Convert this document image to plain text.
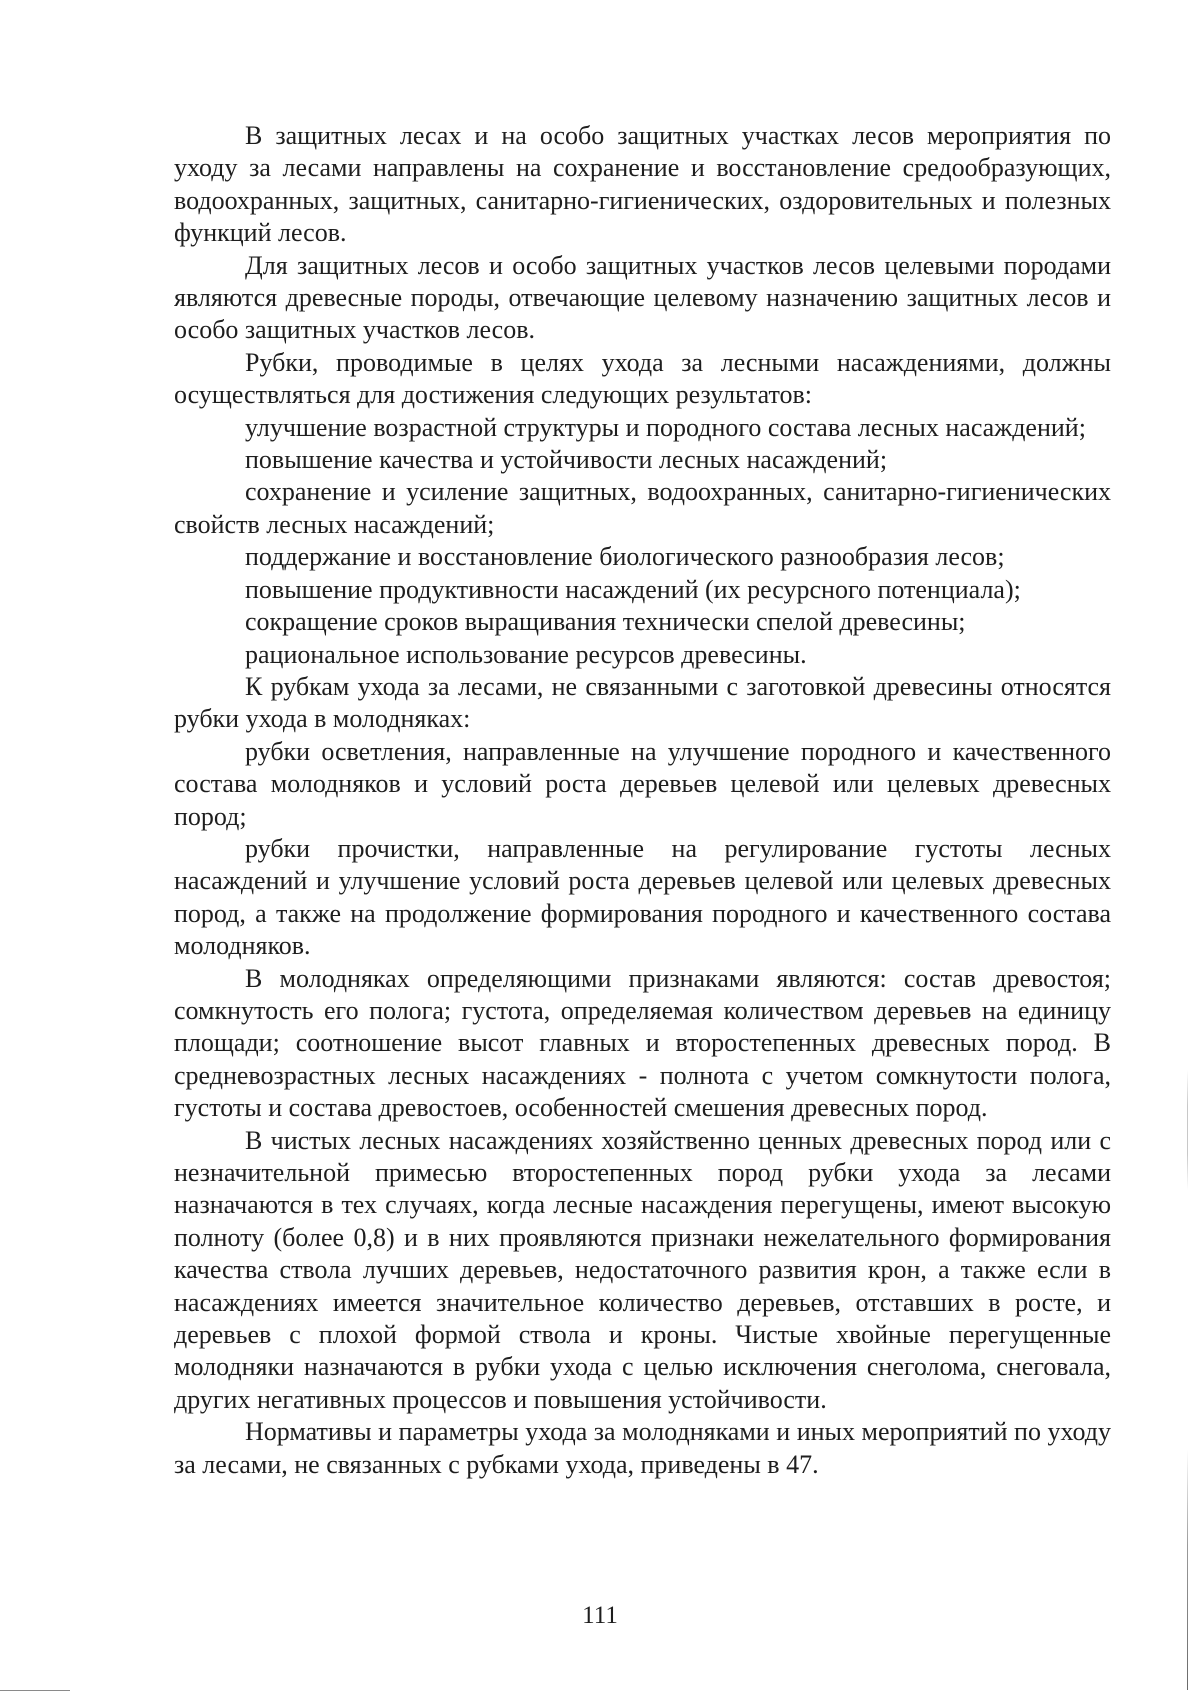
В защитных лесах и на особо защитных участках лесов мероприятия по уходу за лесами направлены на сохранение и восстановление средообразующих, водоохранных, защитных, санитарно-гигиенических, оздоровительных и полезных функций лесов.

Для защитных лесов и особо защитных участков лесов целевыми породами являются древесные породы, отвечающие целевому назначению защитных лесов и особо защитных участков лесов.

Рубки, проводимые в целях ухода за лесными насаждениями, должны осуществляться для достижения следующих результатов:

улучшение возрастной структуры и породного состава лесных насаждений;

повышение качества и устойчивости лесных насаждений;

сохранение и усиление защитных, водоохранных, санитарно-гигиенических свойств лесных насаждений;

поддержание и восстановление биологического разнообразия лесов;

повышение продуктивности насаждений (их ресурсного потенциала);

сокращение сроков выращивания технически спелой древесины;

рациональное использование ресурсов древесины.

К рубкам ухода за лесами, не связанными с заготовкой древесины относятся рубки ухода в молодняках:

рубки осветления, направленные на улучшение породного и качественного состава молодняков и условий роста деревьев целевой или целевых древесных пород;

рубки прочистки, направленные на регулирование густоты лесных насаждений и улучшение условий роста деревьев целевой или целевых древесных пород, а также на продолжение формирования породного и качественного состава молодняков.

В молодняках определяющими признаками являются: состав древостоя; сомкнутость его полога; густота, определяемая количеством деревьев на единицу площади; соотношение высот главных и второстепенных древесных пород. В средневозрастных лесных насаждениях - полнота с учетом сомкнутости полога, густоты и состава древостоев, особенностей смешения древесных пород.

В чистых лесных насаждениях хозяйственно ценных древесных пород или с незначительной примесью второстепенных пород рубки ухода за лесами назначаются в тех случаях, когда лесные насаждения перегущены, имеют высокую полноту (более 0,8) и в них проявляются признаки нежелательного формирования качества ствола лучших деревьев, недостаточного развития крон, а также если в насаждениях имеется значительное количество деревьев, отставших в росте, и деревьев с плохой формой ствола и кроны. Чистые хвойные перегущенные молодняки назначаются в рубки ухода с целью исключения снеголома, снеговала, других негативных процессов и повышения устойчивости.

Нормативы и параметры ухода за молодняками и иных мероприятий по уходу за лесами, не связанных с рубками ухода, приведены в 47.

111
